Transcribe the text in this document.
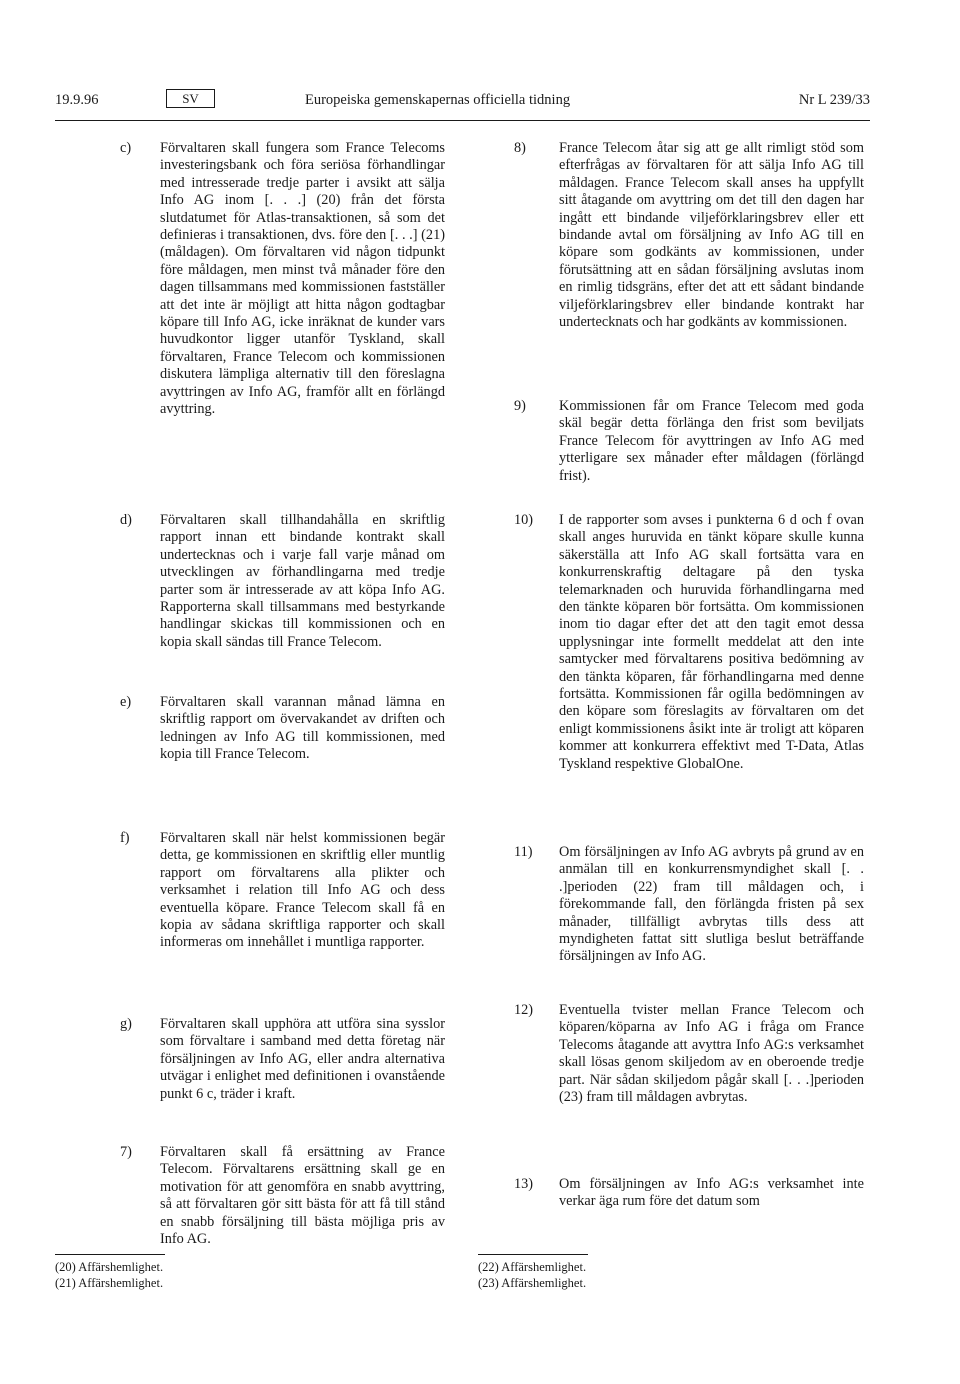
19.9.96	SV	Europeiska gemenskapernas officiella tidning	Nr L 239/33
c) Förvaltaren skall fungera som France Telecoms investeringsbank och föra seriösa förhandlingar med intresserade tredje parter i avsikt att sälja Info AG inom [. . .] (20) från det första slutdatumet för Atlas-transaktionen, så som det definieras i transaktionen, dvs. före den [. . .] (21) (måldagen). Om förvaltaren vid någon tidpunkt före måldagen, men minst två månader före den dagen tillsammans med kommissionen fastställer att det inte är möjligt att hitta någon godtagbar köpare till Info AG, icke inräknat de kunder vars huvudkontor ligger utanför Tyskland, skall förvaltaren, France Telecom och kommissionen diskutera lämpliga alternativ till den föreslagna avyttringen av Info AG, framför allt en förlängd avyttring.
d) Förvaltaren skall tillhandahålla en skriftlig rapport innan ett bindande kontrakt skall undertecknas och i varje fall varje månad om utvecklingen av förhandlingarna med tredje parter som är intresserade av att köpa Info AG. Rapporterna skall tillsammans med bestyrkande handlingar skickas till kommissionen och en kopia skall sändas till France Telecom.
e) Förvaltaren skall varannan månad lämna en skriftlig rapport om övervakandet av driften och ledningen av Info AG till kommissionen, med kopia till France Telecom.
f) Förvaltaren skall när helst kommissionen begär detta, ge kommissionen en skriftlig eller muntlig rapport om förvaltarens alla plikter och verksamhet i relation till Info AG och dess eventuella köpare. France Telecom skall få en kopia av sådana skriftliga rapporter och skall informeras om innehållet i muntliga rapporter.
g) Förvaltaren skall upphöra att utföra sina sysslor som förvaltare i samband med detta företag när försäljningen av Info AG, eller andra alternativa utvägar i enlighet med definitionen i ovanstående punkt 6 c, träder i kraft.
7) Förvaltaren skall få ersättning av France Telecom. Förvaltarens ersättning skall ge en motivation för att genomföra en snabb avyttring, så att förvaltaren gör sitt bästa för att få till stånd en snabb försäljning till bästa möjliga pris av Info AG.
8) France Telecom åtar sig att ge allt rimligt stöd som efterfrågas av förvaltaren för att sälja Info AG till måldagen. France Telecom skall anses ha uppfyllt sitt åtagande om avyttring om det till den dagen har ingått ett bindande viljeförklaringsbrev eller ett bindande avtal om försäljning av Info AG till en köpare som godkänts av kommissionen, under förutsättning att en sådan försäljning avslutas inom en rimlig tidsgräns, efter det att ett sådant bindande viljeförklaringsbrev eller bindande kontrakt har undertecknats och har godkänts av kommissionen.
9) Kommissionen får om France Telecom med goda skäl begär detta förlänga den frist som beviljats France Telecom för avyttringen av Info AG med ytterligare sex månader efter måldagen (förlängd frist).
10) I de rapporter som avses i punkterna 6 d och f ovan skall anges huruvida en tänkt köpare skulle kunna säkerställa att Info AG skall fortsätta vara en konkurrenskraftig deltagare på den tyska telemarknaden och huruvida förhandlingarna med den tänkte köparen bör fortsätta. Om kommissionen inom tio dagar efter det att den tagit emot dessa upplysningar inte formellt meddelat att den inte samtycker med förvaltarens positiva bedömning av den tänkta köparen, får förhandlingarna med denne fortsätta. Kommissionen får ogilla bedömningen av den köpare som föreslagits av förvaltaren om det enligt kommissionens åsikt inte är troligt att köparen kommer att konkurrera effektivt med T-Data, Atlas Tyskland respektive GlobalOne.
11) Om försäljningen av Info AG avbryts på grund av en anmälan till en konkurrensmyndighet skall [. . .]perioden (22) fram till måldagen och, i förekommande fall, den förlängda fristen på sex månader, tillfälligt avbrytas tills dess att myndigheten fattat sitt slutliga beslut beträffande försäljningen av Info AG.
12) Eventuella tvister mellan France Telecom och köparen/köparna av Info AG i fråga om France Telecoms åtagande att avyttra Info AG:s verksamhet skall lösas genom skiljedom av en oberoende tredje part. När sådan skiljedom pågår skall [. . .]perioden (23) fram till måldagen avbrytas.
13) Om försäljningen av Info AG:s verksamhet inte verkar äga rum före det datum som
(20) Affärshemlighet.
(21) Affärshemlighet.
(22) Affärshemlighet.
(23) Affärshemlighet.
